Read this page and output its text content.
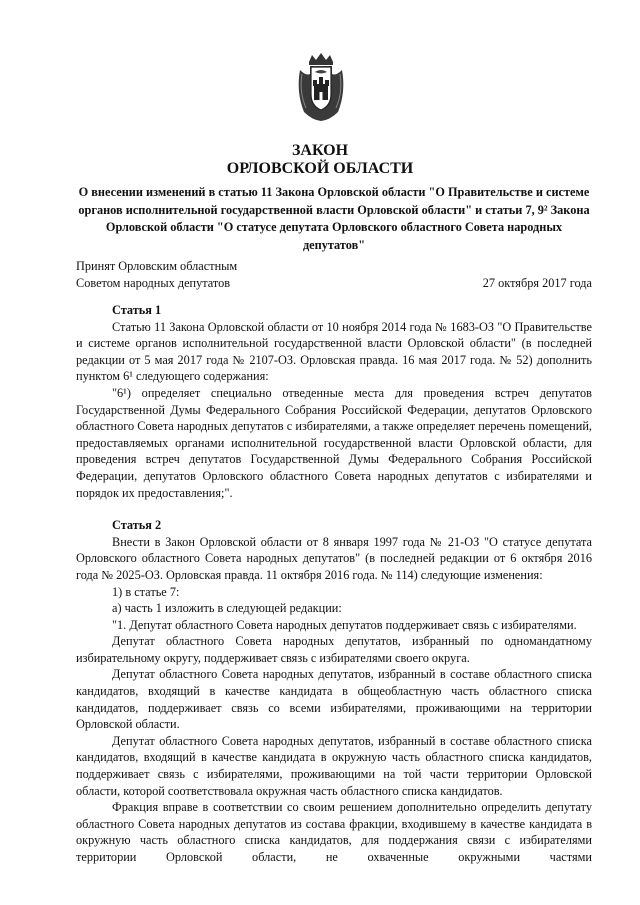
ЗАКОН
ОРЛОВСКОЙ ОБЛАСТИ
О внесении изменений в статью 11 Закона Орловской области "О Правительстве и системе органов исполнительной государственной власти Орловской области" и статьи 7, 9² Закона Орловской области "О статусе депутата Орловского областного Совета народных депутатов"
Принят Орловским областным
Советом народных депутатов	27 октября 2017 года

Статья 1

Статью 11 Закона Орловской области от 10 ноября 2014 года № 1683-ОЗ "О Правительстве и системе органов исполнительной государственной власти Орловской области" (в последней редакции от 5 мая 2017 года № 2107-ОЗ. Орловская правда. 16 мая 2017 года. № 52) дополнить пунктом 6¹ следующего содержания:

"6¹) определяет специально отведенные места для проведения встреч депутатов Государственной Думы Федерального Собрания Российской Федерации, депутатов Орловского областного Совета народных депутатов с избирателями, а также определяет перечень помещений, предоставляемых органами исполнительной государственной власти Орловской области, для проведения встреч депутатов Государственной Думы Федерального Собрания Российской Федерации, депутатов Орловского областного Совета народных депутатов с избирателями и порядок их предоставления;".

Статья 2

Внести в Закон Орловской области от 8 января 1997 года № 21-ОЗ "О статусе депутата Орловского областного Совета народных депутатов" (в последней редакции от 6 октября 2016 года № 2025-ОЗ. Орловская правда. 11 октября 2016 года. № 114) следующие изменения:

1) в статье 7:

а) часть 1 изложить в следующей редакции:

"1. Депутат областного Совета народных депутатов поддерживает связь с избирателями.

Депутат областного Совета народных депутатов, избранный по одномандатному избирательному округу, поддерживает связь с избирателями своего округа.

Депутат областного Совета народных депутатов, избранный в составе областного списка кандидатов, входящий в качестве кандидата в общеобластную часть областного списка кандидатов, поддерживает связь со всеми избирателями, проживающими на территории Орловской области.

Депутат областного Совета народных депутатов, избранный в составе областного списка кандидатов, входящий в качестве кандидата в окружную часть областного списка кандидатов, поддерживает связь с избирателями, проживающими на той части территории Орловской области, которой соответствовала окружная часть областного списка кандидатов.

Фракция вправе в соответствии со своим решением дополнительно определить депутату областного Совета народных депутатов из состава фракции, входившему в качестве кандидата в окружную часть областного списка кандидатов, для поддержания связи с избирателями территории Орловской области, не охваченные окружными частями
